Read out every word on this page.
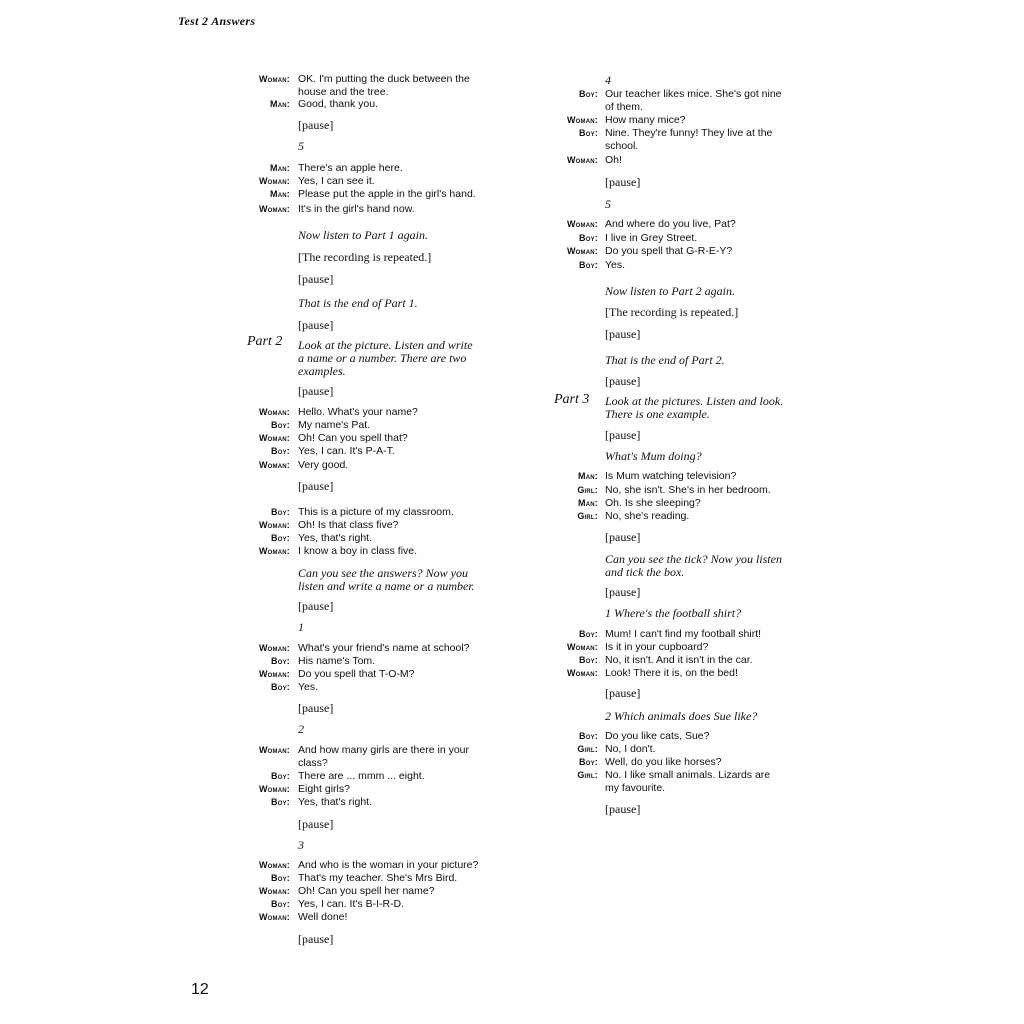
Test 2 Answers
Woman: OK. I'm putting the duck between the
house and the tree.
Man: Good, thank you.
[pause]
5
Man: There's an apple here.
Woman: Yes, I can see it.
Man: Please put the apple in the girl's hand.
Woman: It's in the girl's hand now.
Now listen to Part 1 again.
[The recording is repeated.]
[pause]
That is the end of Part 1.
[pause]
Part 2 Look at the picture. Listen and write
a name or a number. There are two
examples.
[pause]
Woman: Hello. What's your name?
Boy: My name's Pat.
Woman: Oh! Can you spell that?
Boy: Yes, I can. It's P-A-T.
Woman: Very good.
[pause]
Boy: This is a picture of my classroom.
Woman: Oh! Is that class five?
Boy: Yes, that's right.
Woman: I know a boy in class five.
Can you see the answers? Now you
listen and write a name or a number.
[pause]
1
Woman: What's your friend's name at school?
Boy: His name's Tom.
Woman: Do you spell that T-O-M?
Boy: Yes.
[pause]
2
Woman: And how many girls are there in your
class?
Boy: There are ... mmm ... eight.
Woman: Eight girls?
Boy: Yes, that's right.
[pause]
3
Woman: And who is the woman in your picture?
Boy: That's my teacher. She's Mrs Bird.
Woman: Oh! Can you spell her name?
Boy: Yes, I can. It's B-I-R-D.
Woman: Well done!
[pause]
4
Boy: Our teacher likes mice. She's got nine
of them.
Woman: How many mice?
Boy: Nine. They're funny! They live at the
school.
Woman: Oh!
[pause]
5
Woman: And where do you live, Pat?
Boy: I live in Grey Street.
Woman: Do you spell that G-R-E-Y?
Boy: Yes.
Now listen to Part 2 again.
[The recording is repeated.]
[pause]
That is the end of Part 2.
[pause]
Part 3 Look at the pictures. Listen and look.
There is one example.
[pause]
What's Mum doing?
Man: Is Mum watching television?
Girl: No, she isn't. She's in her bedroom.
Man: Oh. Is she sleeping?
Girl: No, she's reading.
[pause]
Can you see the tick? Now you listen
and tick the box.
[pause]
1 Where's the football shirt?
Boy: Mum! I can't find my football shirt!
Woman: Is it in your cupboard?
Boy: No, it isn't. And it isn't in the car.
Woman: Look! There it is, on the bed!
[pause]
2 Which animals does Sue like?
Boy: Do you like cats, Sue?
Girl: No, I don't.
Boy: Well, do you like horses?
Girl: No. I like small animals. Lizards are
my favourite.
[pause]
12
